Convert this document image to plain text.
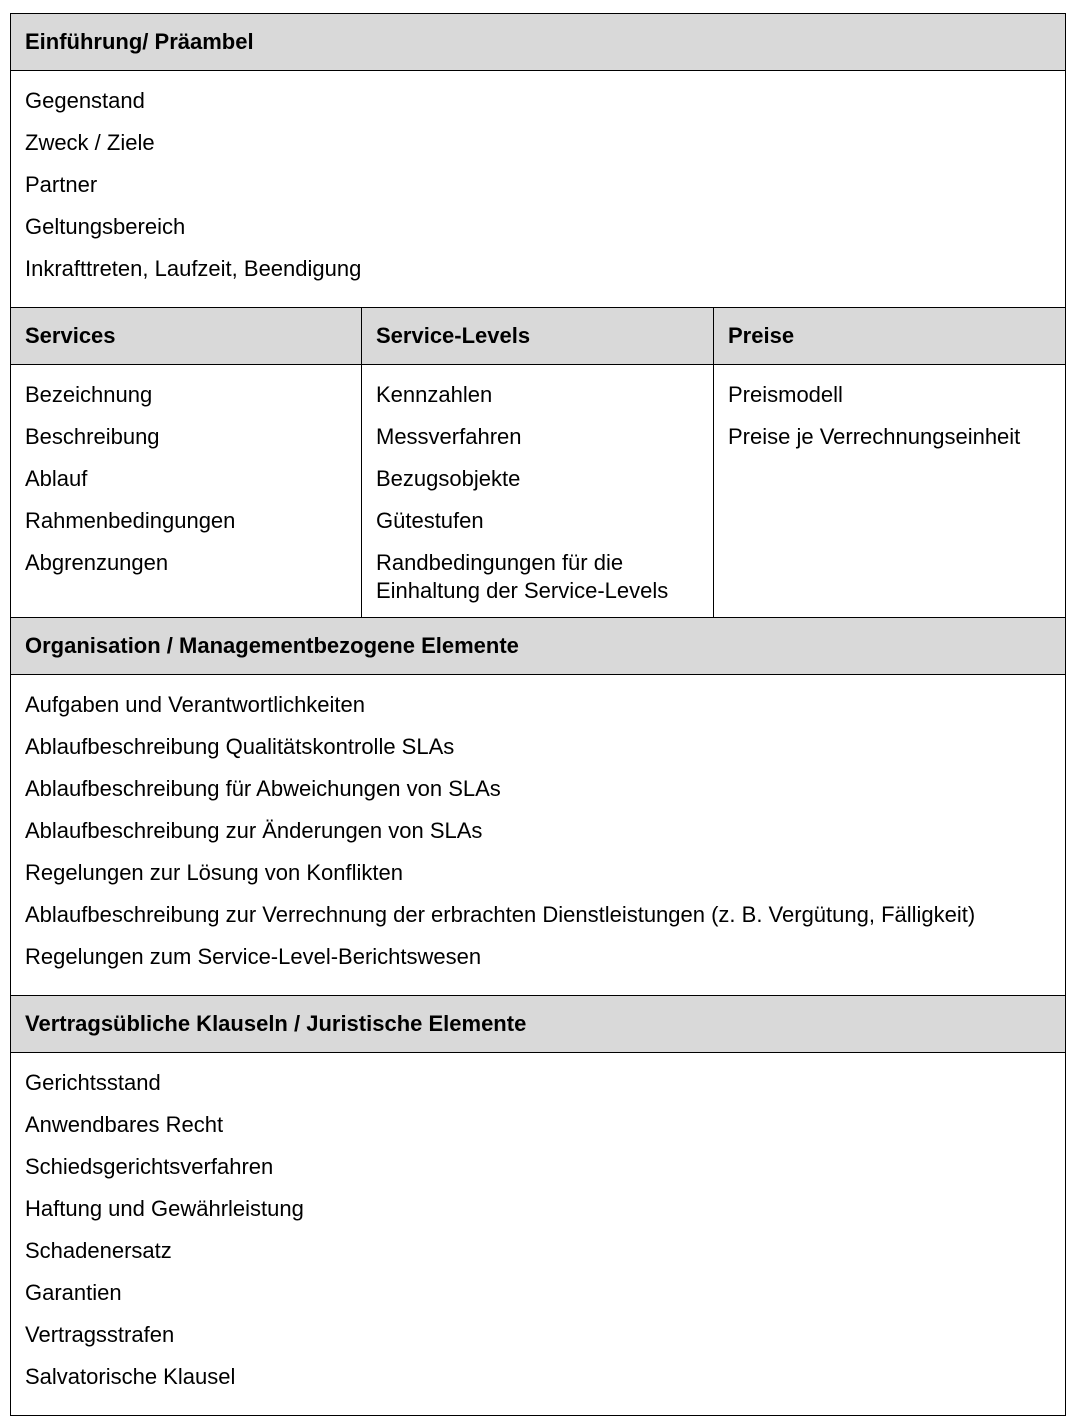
Einführung/ Präambel
Gegenstand
Zweck / Ziele
Partner
Geltungsbereich
Inkrafttreten, Laufzeit, Beendigung
Services
Bezeichnung
Beschreibung
Ablauf
Rahmenbedingungen
Abgrenzungen
Service-Levels
Kennzahlen
Messverfahren
Bezugsobjekte
Gütestufen
Randbedingungen für die Einhaltung der Service-Levels
Preise
Preismodell
Preise je Verrechnungseinheit
Organisation / Managementbezogene Elemente
Aufgaben und Verantwortlichkeiten
Ablaufbeschreibung Qualitätskontrolle SLAs
Ablaufbeschreibung für Abweichungen von SLAs
Ablaufbeschreibung zur Änderungen von SLAs
Regelungen zur Lösung von Konflikten
Ablaufbeschreibung zur Verrechnung der erbrachten Dienstleistungen (z. B. Vergütung, Fälligkeit)
Regelungen zum Service-Level-Berichtswesen
Vertragsübliche Klauseln / Juristische Elemente
Gerichtsstand
Anwendbares Recht
Schiedsgerichtsverfahren
Haftung und Gewährleistung
Schadenersatz
Garantien
Vertragsstrafen
Salvatorische Klausel
